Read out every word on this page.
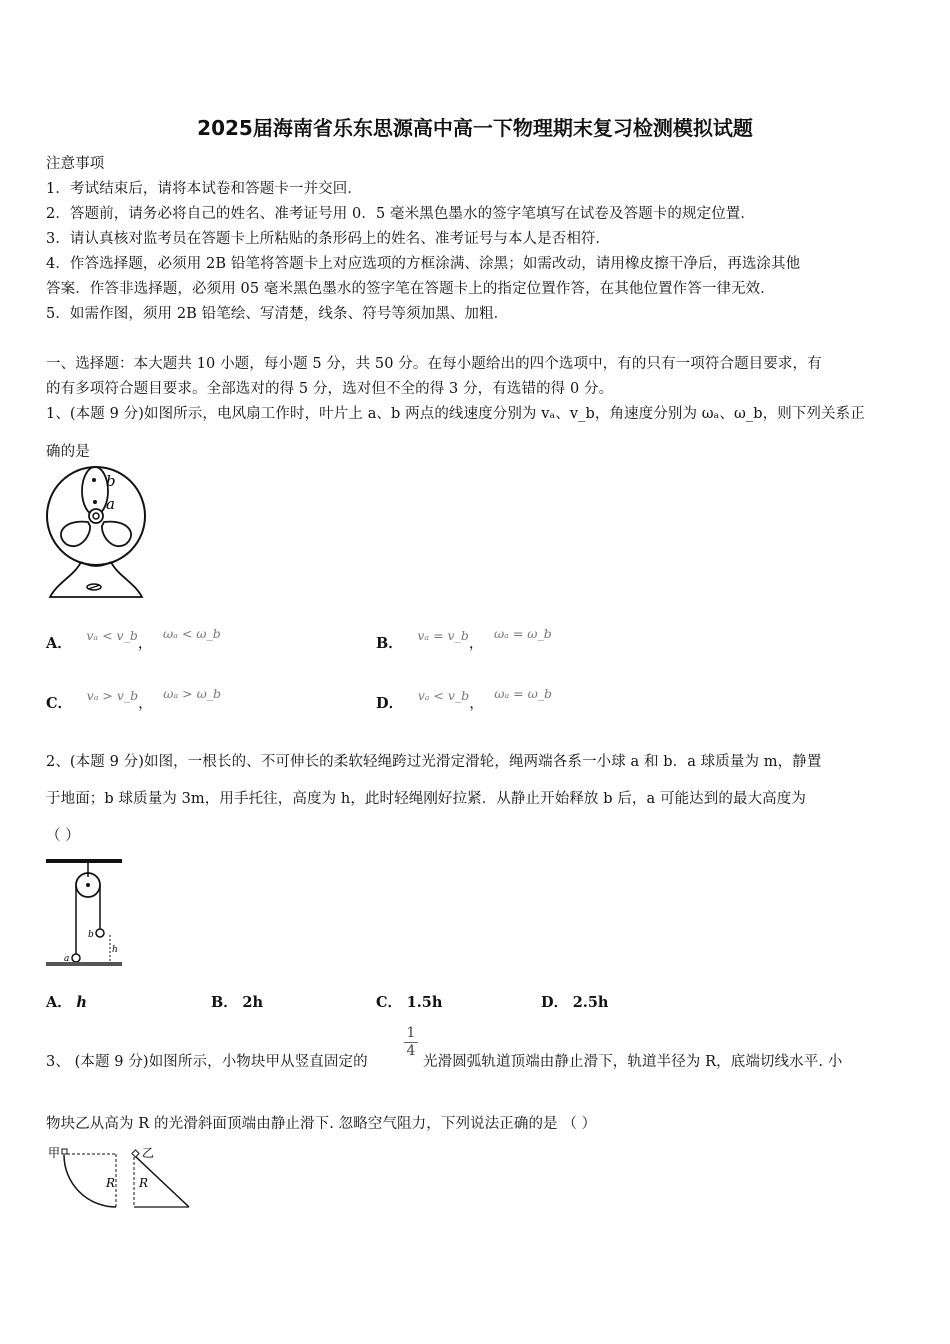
2025届海南省乐东思源高中高一下物理期末复习检测模拟试题
注意事项
1．考试结束后，请将本试卷和答题卡一并交回．
2．答题前，请务必将自己的姓名、准考证号用 0．5 毫米黑色墨水的签字笔填写在试卷及答题卡的规定位置．
3．请认真核对监考员在答题卡上所粘贴的条形码上的姓名、准考证号与本人是否相符．
4．作答选择题，必须用 2B 铅笔将答题卡上对应选项的方框涂满、涂黑；如需改动，请用橡皮擦干净后，再选涂其他
答案．作答非选择题，必须用 05 毫米黑色墨水的签字笔在答题卡上的指定位置作答，在其他位置作答一律无效．
5．如需作图，须用 2B 铅笔绘、写清楚，线条、符号等须加黑、加粗．
一、选择题：本大题共 10 小题，每小题 5 分，共 50 分。在每小题给出的四个选项中，有的只有一项符合题目要求，有
的有多项符合题目要求。全部选对的得 5 分，选对但不全的得 3 分，有选错的得 0 分。
1、(本题 9 分)如图所示，电风扇工作时，叶片上 a、b 两点的线速度分别为 vₐ、v_b，角速度分别为 ωₐ、ω_b，则下列关系正
确的是
b
a
A． vₐ < v_b， ωₐ < ω_b
B． vₐ = v_b， ωₐ = ω_b
C． vₐ > v_b， ωₐ > ω_b
D． vₐ < v_b， ωₐ = ω_b
2、(本题 9 分)如图，一根长的、不可伸长的柔软轻绳跨过光滑定滑轮，绳两端各系一小球 a 和 b．a 球质量为 m，静置
于地面；b 球质量为 3m，用手托往，高度为 h，此时轻绳刚好拉紧．从静止开始释放 b 后，a 可能达到的最大高度为
（ ）
b
a
h
A． h	B． 2h	C． 1.5h	D． 2.5h
3、 (本题 9 分)如图所示，小物块甲从竖直固定的
$\frac{1}{4}$
光滑圆弧轨道顶端由静止滑下，轨道半径为 R，底端切线水平. 小
物块乙从高为 R 的光滑斜面顶端由静止滑下. 忽略空气阻力，下列说法正确的是 （ ）
甲
R
乙
R
